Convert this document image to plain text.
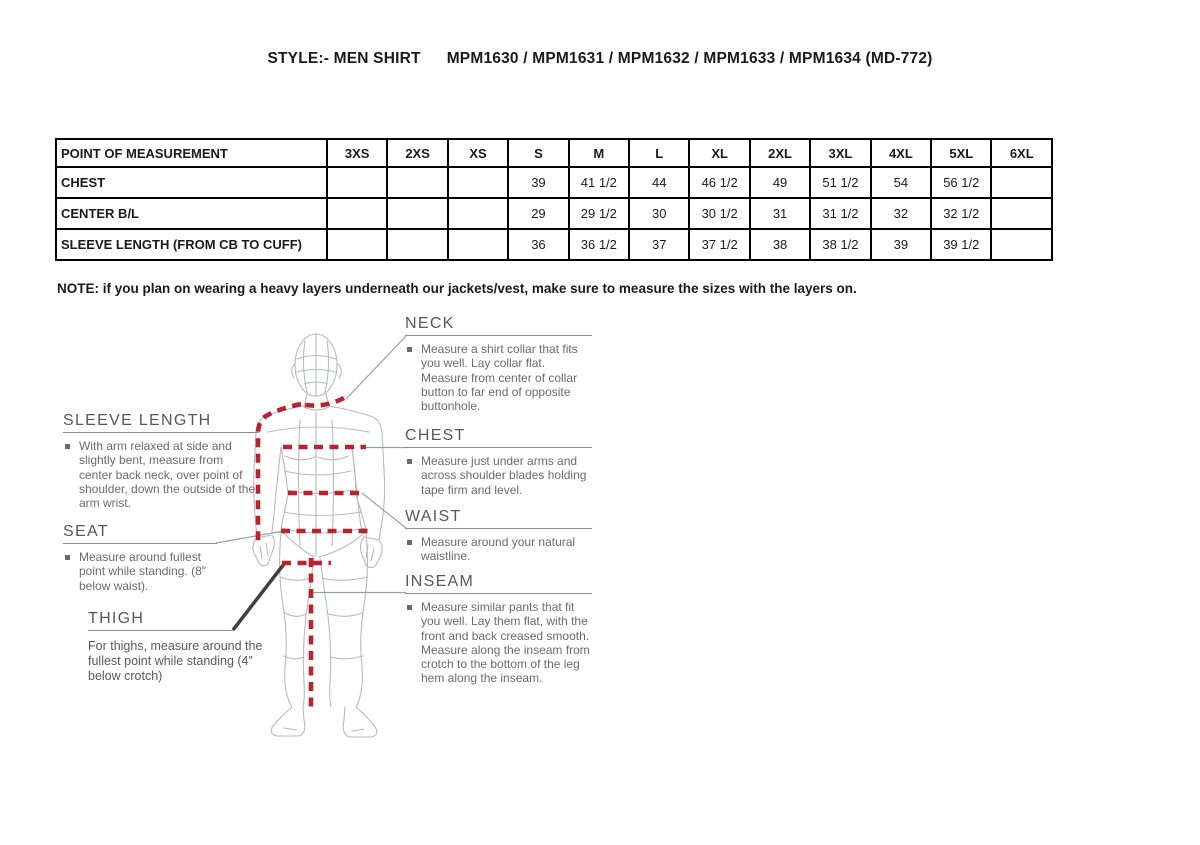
STYLE:- MEN SHIRT MPM1630 / MPM1631 / MPM1632 / MPM1633 / MPM1634 (MD-772)
POINT OF MEASUREMENT	3XS	2XS	XS	S	M	L	XL	2XL	3XL	4XL	5XL	6XL
CHEST				39	41 1/2	44	46 1/2	49	51 1/2	54	56 1/2	
CENTER B/L				29	29 1/2	30	30 1/2	31	31 1/2	32	32 1/2	
SLEEVE LENGTH (FROM CB TO CUFF)				36	36 1/2	37	37 1/2	38	38 1/2	39	39 1/2	
NOTE: if you plan on wearing a heavy layers underneath our jackets/vest, make sure to measure the sizes with the layers on.
NECK
Measure a shirt collar that fits you well. Lay collar flat. Measure from center of collar button to far end of opposite buttonhole.
CHEST
Measure just under arms and across shoulder blades holding tape firm and level.
WAIST
Measure around your natural waistline.
INSEAM
Measure similar pants that fit you well. Lay them flat, with the front and back creased smooth. Measure along the inseam from crotch to the bottom of the leg hem along the inseam.
SLEEVE LENGTH
With arm relaxed at side and slightly bent, measure from center back neck, over point of shoulder, down the outside of the arm wrist.
SEAT
Measure around fullest point while standing. (8" below waist).
THIGH
For thighs, measure around the fullest point while standing (4” below crotch)
